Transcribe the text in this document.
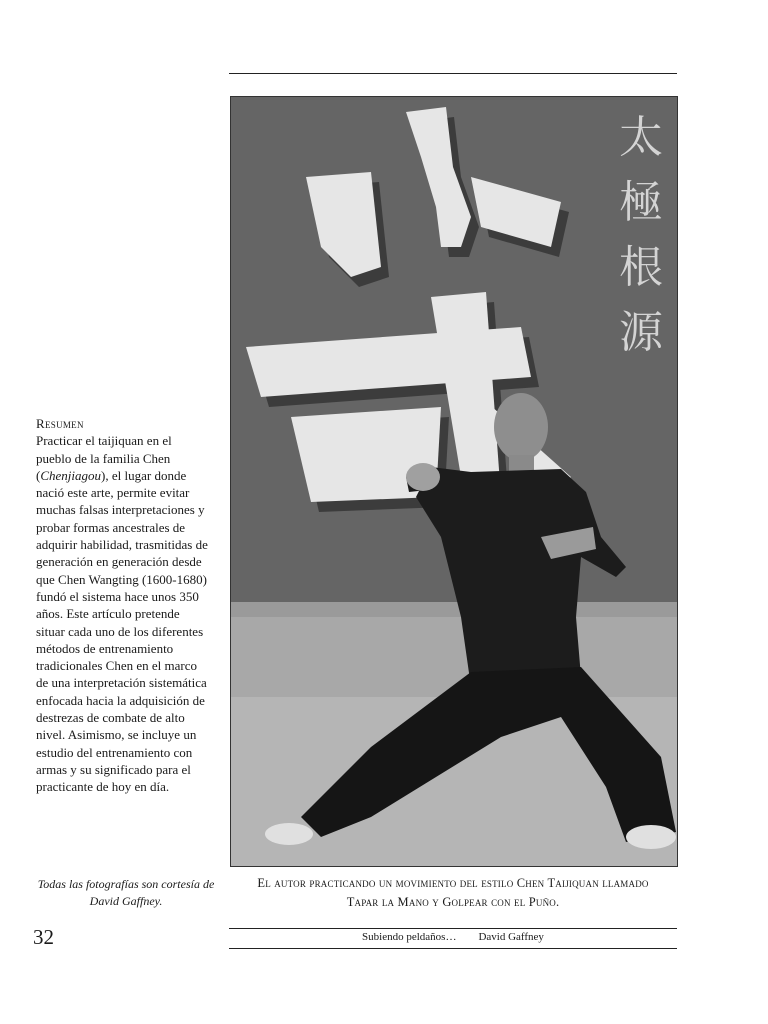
太
極
根
源
Resumen

Practicar el taijiquan en el pueblo de la familia Chen (Chenjiagou), el lugar donde nació este arte, permite evitar muchas falsas interpretaciones y probar formas ancestrales de adquirir habilidad, trasmitidas de generación en generación desde que Chen Wangting (1600-1680) fundó el sistema hace unos 350 años. Este artículo pretende situar cada uno de los diferentes métodos de entrenamiento tradicionales Chen en el marco de una interpretación sistemática enfocada hacia la adquisición de destrezas de combate de alto nivel. Asimismo, se incluye un estudio del entrenamiento con armas y su significado para el practicante de hoy en día.

Todas las fotografías son cortesía de David Gaffney.
El autor practicando un movimiento del estilo Chen Taijiquan llamado
Tapar la Mano y Golpear con el Puño.
32	Subiendo peldaños… David Gaffney
